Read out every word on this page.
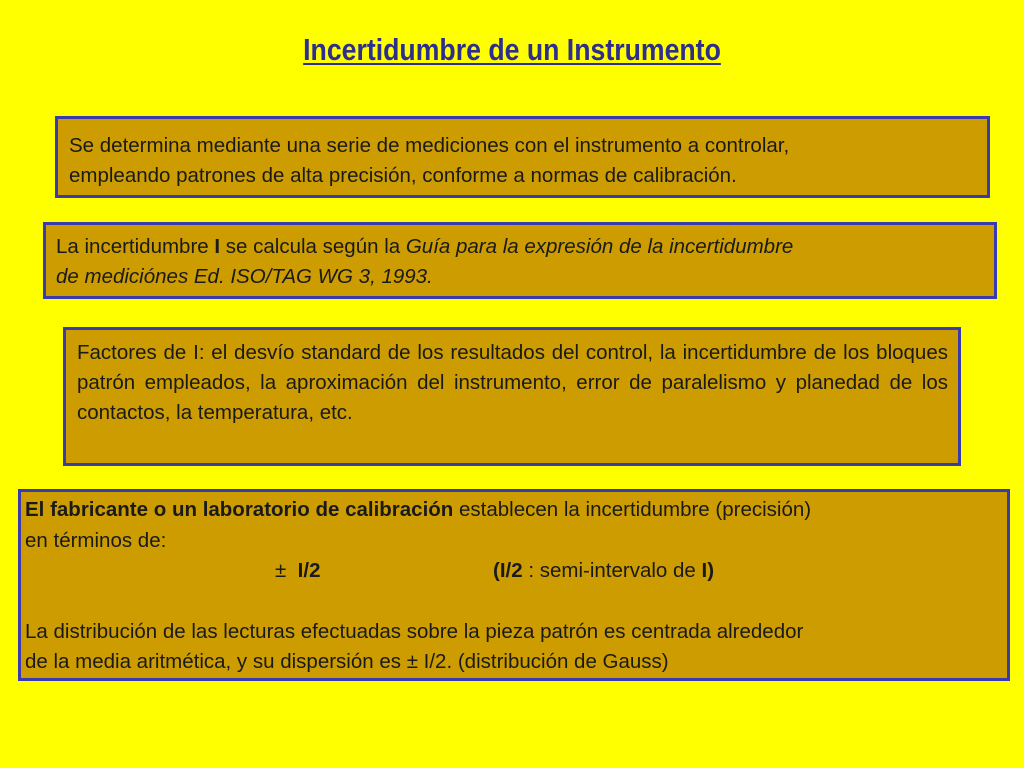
Incertidumbre de un Instrumento
Se determina mediante una serie de mediciones con el instrumento a controlar,
empleando patrones de alta precisión, conforme a normas de calibración.
La incertidumbre I se calcula según la Guía para la expresión de la incertidumbre
de mediciónes Ed. ISO/TAG WG 3, 1993.
Factores de I: el desvío standard de los resultados del control, la incertidumbre de los bloques patrón empleados, la aproximación del instrumento, error de paralelismo y planedad de los contactos, la temperatura, etc.
El fabricante o un laboratorio de calibración establecen la incertidumbre (precisión)
en términos de:
± I/2	(I/2 : semi-intervalo de I)
La distribución de las lecturas efectuadas sobre la pieza patrón es centrada alrededor
de la media aritmética, y su dispersión es ± I/2. (distribución de Gauss)
